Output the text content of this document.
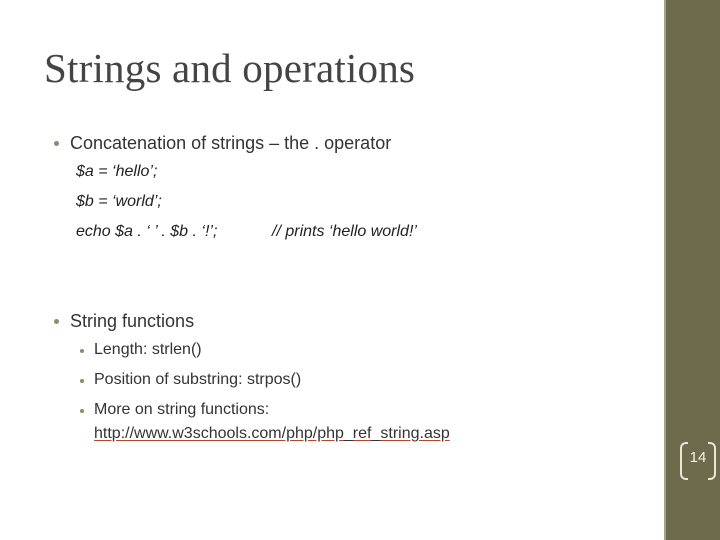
Strings and operations
Concatenation of strings – the . operator
$a = ‘hello’;
$b = ‘world’;
echo $a . ‘ ’ . $b . ‘!’;	// prints ‘hello world!’
String functions
Length: strlen()
Position of substring: strpos()
More on string functions:
http://www.w3schools.com/php/php_ref_string.asp
14
